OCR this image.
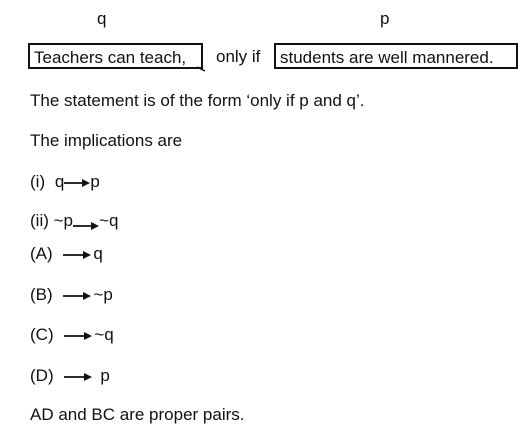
q	p
Teachers can teach,	only if	students are well mannered.
The statement is of the form ‘only if p and q’.
The implications are
(i) q p
(ii) ~p ~q
(A) q
(B) ~p
(C) ~q
(D)	p
AD and BC are proper pairs.
